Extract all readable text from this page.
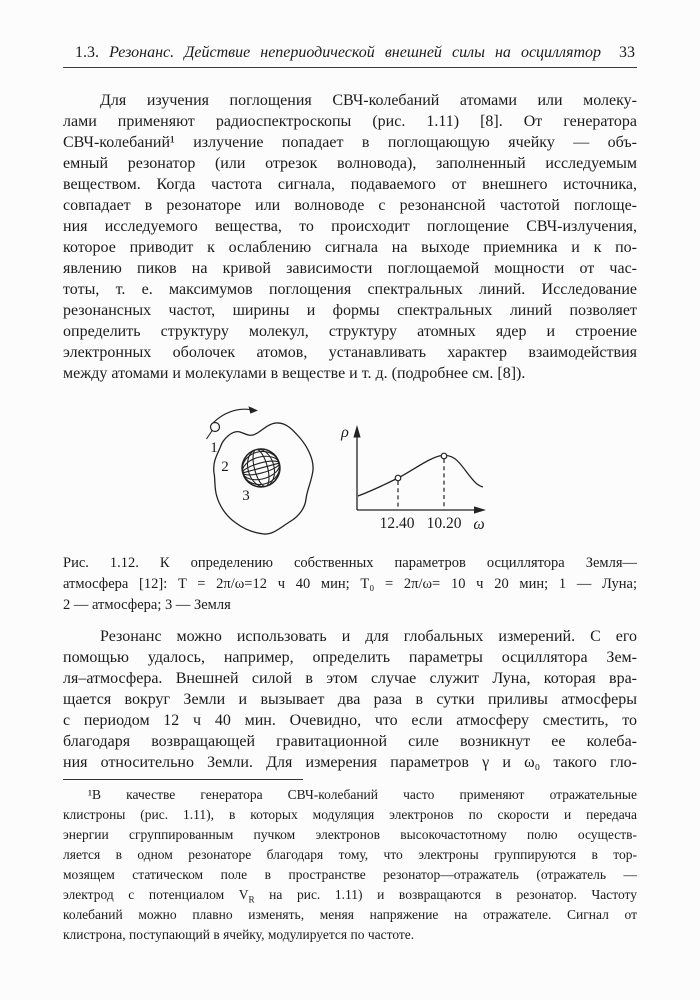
1.3. Резонанс. Действие непериодической внешней силы на осциллятор 33
Для изучения поглощения СВЧ-колебаний атомами или молеку-
лами применяют радиоспектроскопы (рис. 1.11) [8]. От генератора
СВЧ-колебаний¹ излучение попадает в поглощающую ячейку — объ-
емный резонатор (или отрезок волновода), заполненный исследуемым
веществом. Когда частота сигнала, подаваемого от внешнего источника,
совпадает в резонаторе или волноводе с резонансной частотой поглоще-
ния исследуемого вещества, то происходит поглощение СВЧ-излучения,
которое приводит к ослаблению сигнала на выходе приемника и к по-
явлению пиков на кривой зависимости поглощаемой мощности от час-
тоты, т. е. максимумов поглощения спектральных линий. Исследование
резонансных частот, ширины и формы спектральных линий позволяет
определить структуру молекул, структуру атомных ядер и строение
электронных оболочек атомов, устанавливать характер взаимодействия
между атомами и молекулами в веществе и т. д. (подробнее см. [8]).
1
2
3
ρ
12.40 10.20 ω
Рис. 1.12. К определению собственных параметров осциллятора Земля—
атмосфера [12]: T = 2π/ω=12 ч 40 мин; T₀ = 2π/ω= 10 ч 20 мин; 1 — Луна;
2 — атмосфера; 3 — Земля
Резонанс можно использовать и для глобальных измерений. С его
помощью удалось, например, определить параметры осциллятора Зем-
ля–атмосфера. Внешней силой в этом случае служит Луна, которая вра-
щается вокруг Земли и вызывает два раза в сутки приливы атмосферы
с периодом 12 ч 40 мин. Очевидно, что если атмосферу сместить, то
благодаря возвращающей гравитационной силе возникнут ее колеба-
ния относительно Земли. Для измерения параметров γ и ω₀ такого гло-
¹В качестве генератора СВЧ-колебаний часто применяют отражательные
клистроны (рис. 1.11), в которых модуляция электронов по скорости и передача
энергии сгруппированным пучком электронов высокочастотному полю осуществ-
ляется в одном резонаторе благодаря тому, что электроны группируются в тор-
мозящем статическом поле в пространстве резонатор—отражатель (отражатель —
электрод с потенциалом $V_R$ на рис. 1.11) и возвращаются в резонатор. Частоту
колебаний можно плавно изменять, меняя напряжение на отражателе. Сигнал от
клистрона, поступающий в ячейку, модулируется по частоте.
